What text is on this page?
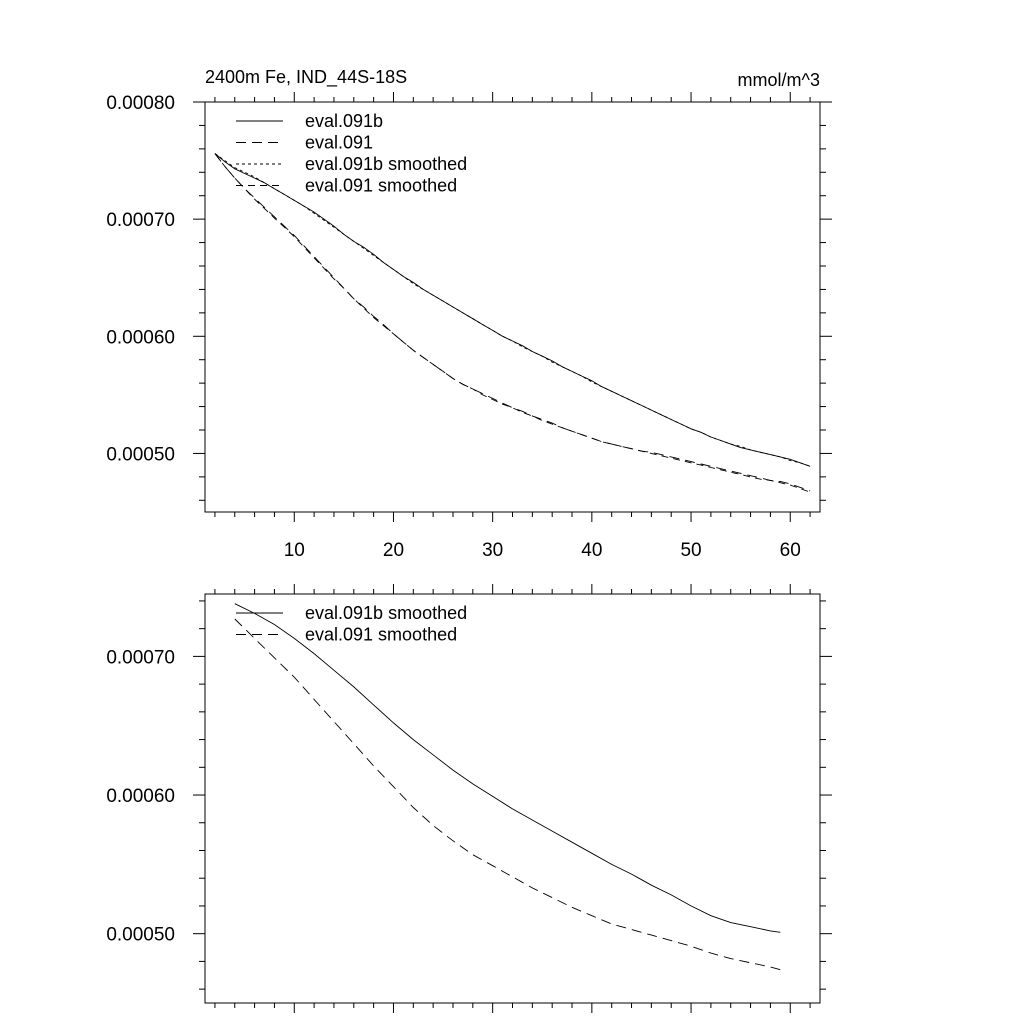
10	20	30	40	50	60
0.00050
0.00060
0.00070
0.00080
eval.091b
eval.091
eval.091b smoothed
eval.091 smoothed
2400m Fe, IND_44S-18S	mmol/m^3
0.00050
0.00060
0.00070
eval.091b smoothed
eval.091 smoothed
